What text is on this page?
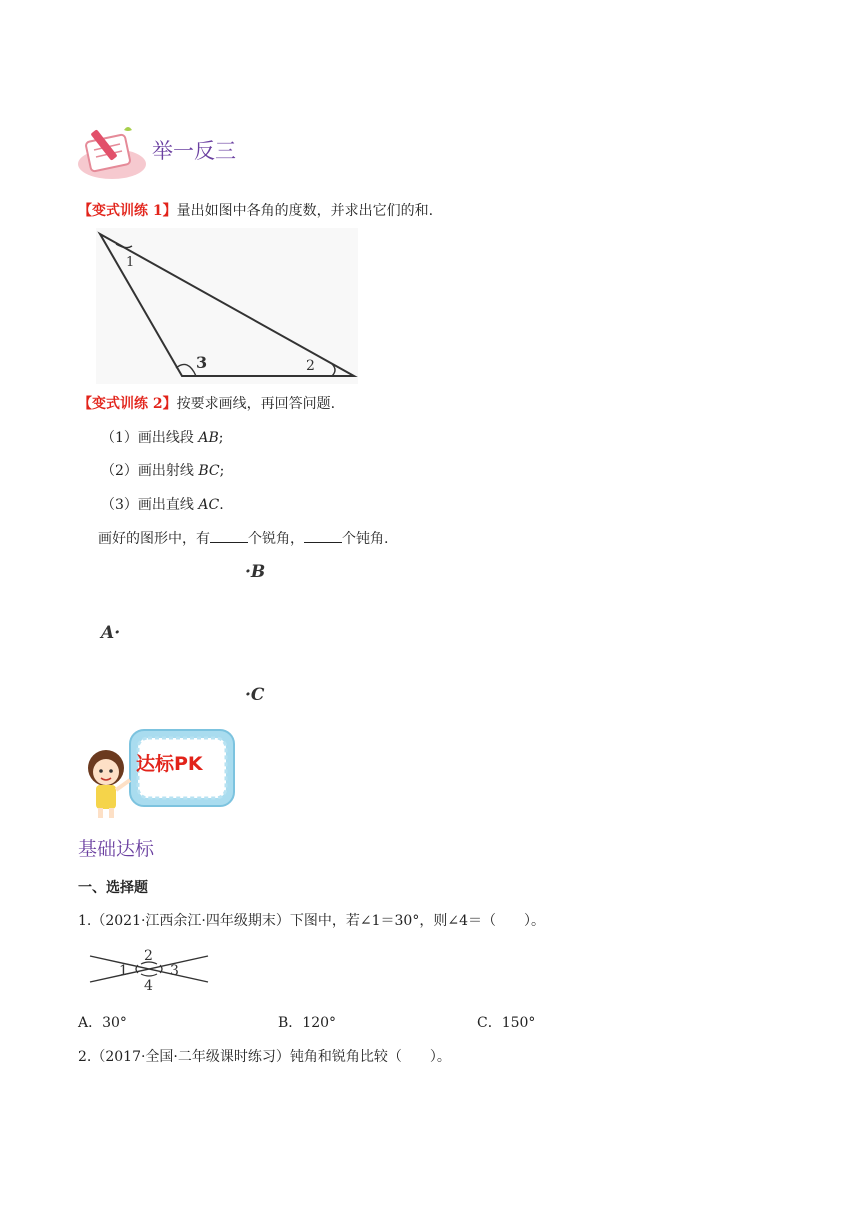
举一反三
【变式训练 1】量出如图中各角的度数，并求出它们的和.
1
2
3
【变式训练 2】按要求画线，再回答问题.
（1）画出线段 AB;
（2）画出射线 BC;
（3）画出直线 AC.
画好的图形中，有	个锐角，	个钝角.
·B
A·
·C
达标PK
基础达标
一、选择题
1.（2021·江西余江·四年级期末）下图中，若∠1＝30°，则∠4＝（　　）。
1
2
3
4
A．30°	B．120°	C．150°
2.（2017·全国·二年级课时练习）钝角和锐角比较（　　）。
